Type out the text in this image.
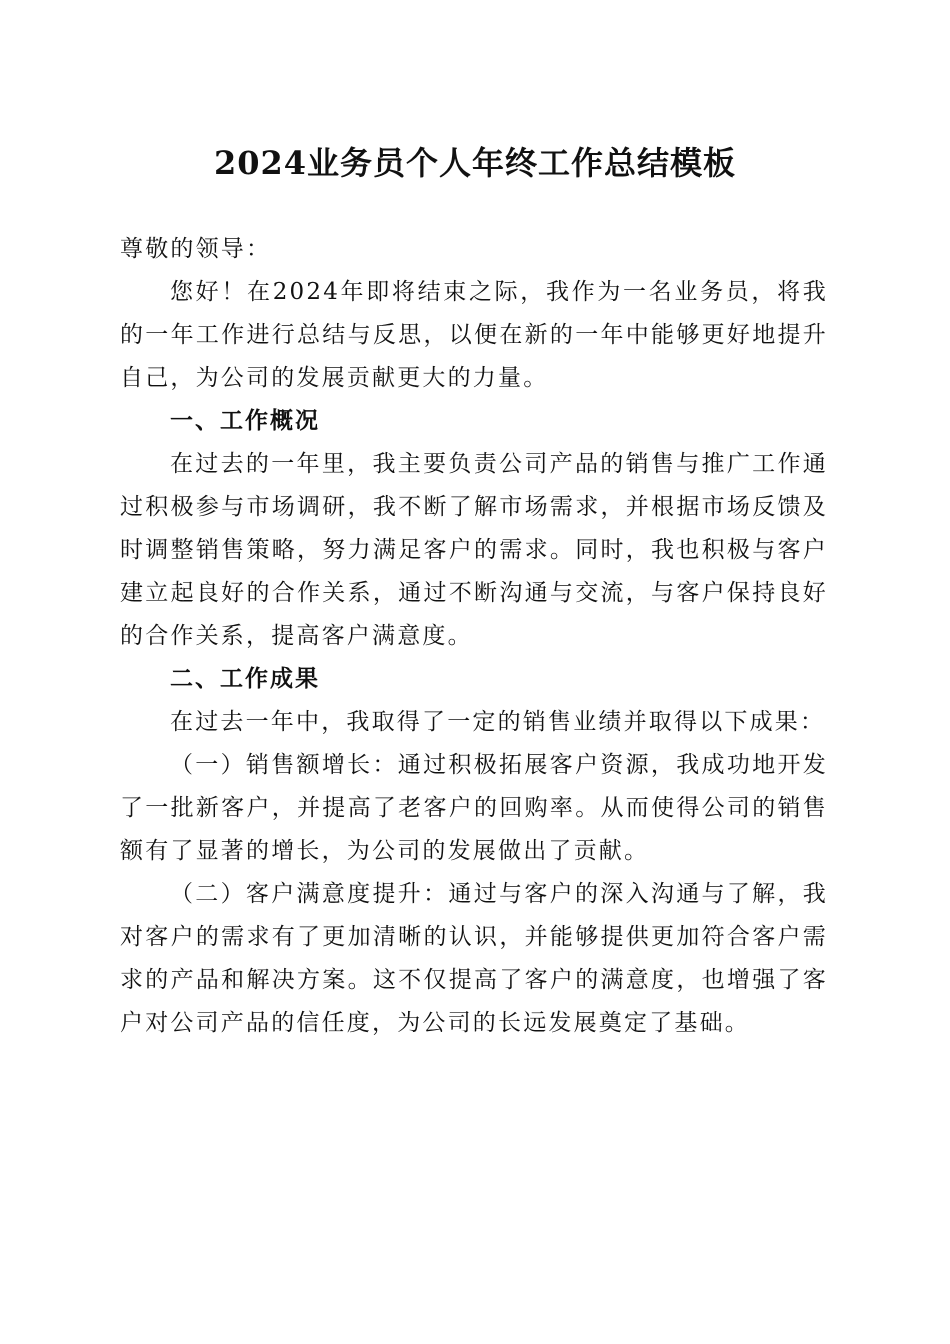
2024业务员个人年终工作总结模板

尊敬的领导：

您好！在2024年即将结束之际，我作为一名业务员，将我的一年工作进行总结与反思，以便在新的一年中能够更好地提升自己，为公司的发展贡献更大的力量。

一、工作概况

在过去的一年里，我主要负责公司产品的销售与推广工作通过积极参与市场调研，我不断了解市场需求，并根据市场反馈及时调整销售策略，努力满足客户的需求。同时，我也积极与客户建立起良好的合作关系，通过不断沟通与交流，与客户保持良好的合作关系，提高客户满意度。

二、工作成果

在过去一年中，我取得了一定的销售业绩并取得以下成果：

（一）销售额增长：通过积极拓展客户资源，我成功地开发了一批新客户，并提高了老客户的回购率。从而使得公司的销售额有了显著的增长，为公司的发展做出了贡献。

（二）客户满意度提升：通过与客户的深入沟通与了解，我对客户的需求有了更加清晰的认识，并能够提供更加符合客户需求的产品和解决方案。这不仅提高了客户的满意度，也增强了客户对公司产品的信任度，为公司的长远发展奠定了基础。
